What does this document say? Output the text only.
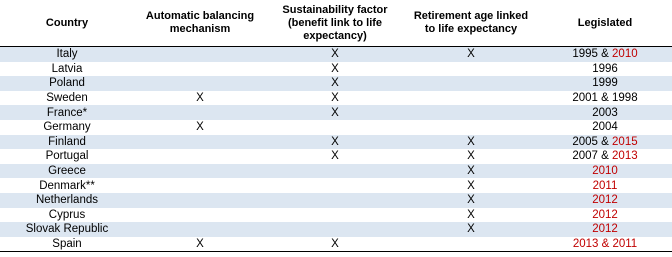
Country	Automatic balancing mechanism	Sustainability factor (benefit link to life expectancy)	Retirement age linked to life expectancy	Legislated
Italy		X	X	1995 & 2010
Latvia		X		1996
Poland		X		1999
Sweden	X	X		2001 & 1998
France*		X		2003
Germany	X			2004
Finland		X	X	2005 & 2015
Portugal		X	X	2007 & 2013
Greece			X	2010
Denmark**			X	2011
Netherlands			X	2012
Cyprus			X	2012
Slovak Republic			X	2012
Spain	X	X		2013 & 2011
